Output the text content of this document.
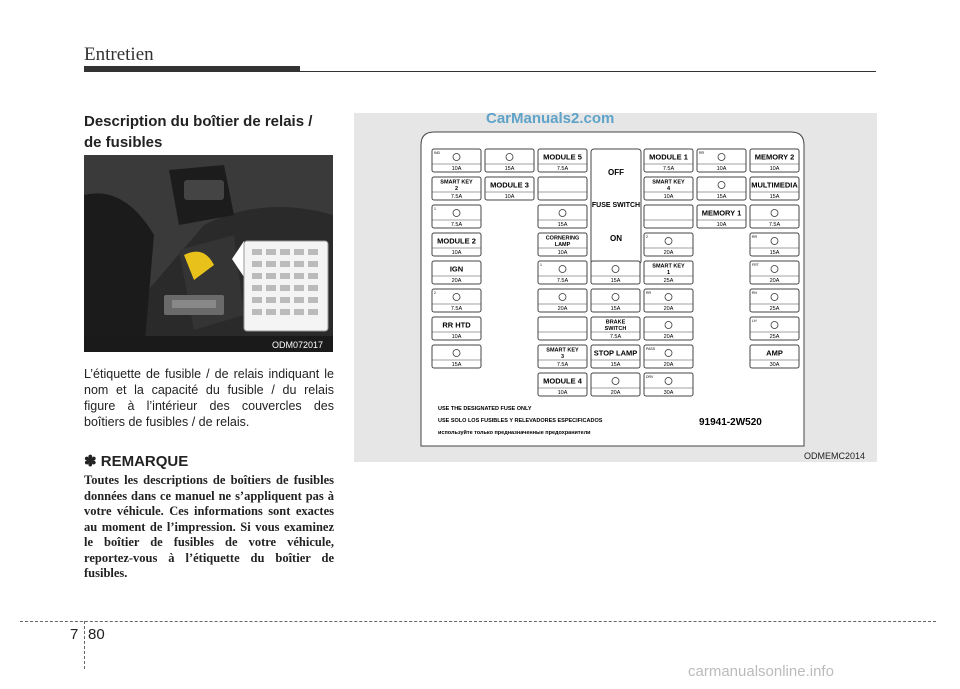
Entretien
Description du boîtier de relais / de fusibles
ODM072017
L’étiquette de fusible / de relais indiquant le nom et la capacité du fusible / du relais figure à l’intérieur des couvercles des boîtiers de fusibles / de relais.
✽ REMARQUE
Toutes les descriptions de boîtiers de fusibles données dans ce manuel ne s’appliquent pas à votre véhicule. Ces informations sont exactes au moment de l’impression. Si vous examinez le boîtier de fusibles de votre véhicule, reportez-vous à l’étiquette du boîtier de fusibles.
OFF
FUSE SWITCH
ON
IND
10A
SMART KEY
2
7.5A
1
7.5A
MODULE 2
10A
IGN
20A
2
7.5A
RR HTD
10A
15A
15A
MODULE 3
10A
MODULE 5
7.5A
15A
CORNERING
LAMP
10A
1
7.5A
20A
SMART KEY
3
7.5A
MODULE 4
10A
15A
15A
BRAKE
SWITCH
7.5A
STOP LAMP
15A
20A
MODULE 1
7.5A
SMART KEY
4
10A
2
20A
SMART KEY
1
25A
RR
20A
20A
PASS
20A
DRV
30A
RR
10A
15A
MEMORY 1
10A
MEMORY 2
10A
MULTIMEDIA
15A
7.5A
RR
15A
FRT
20A
RH
25A
LH
25A
AMP
30A
USE THE DESIGNATED FUSE ONLY
USE SOLO LOS FUSIBLES Y RELEVADORES ESPECIFICADOS
используйте только предназначенные предохранители
91941-2W520
ODMEMC2014
CarManuals2.com
7 80
carmanualsonline.info
